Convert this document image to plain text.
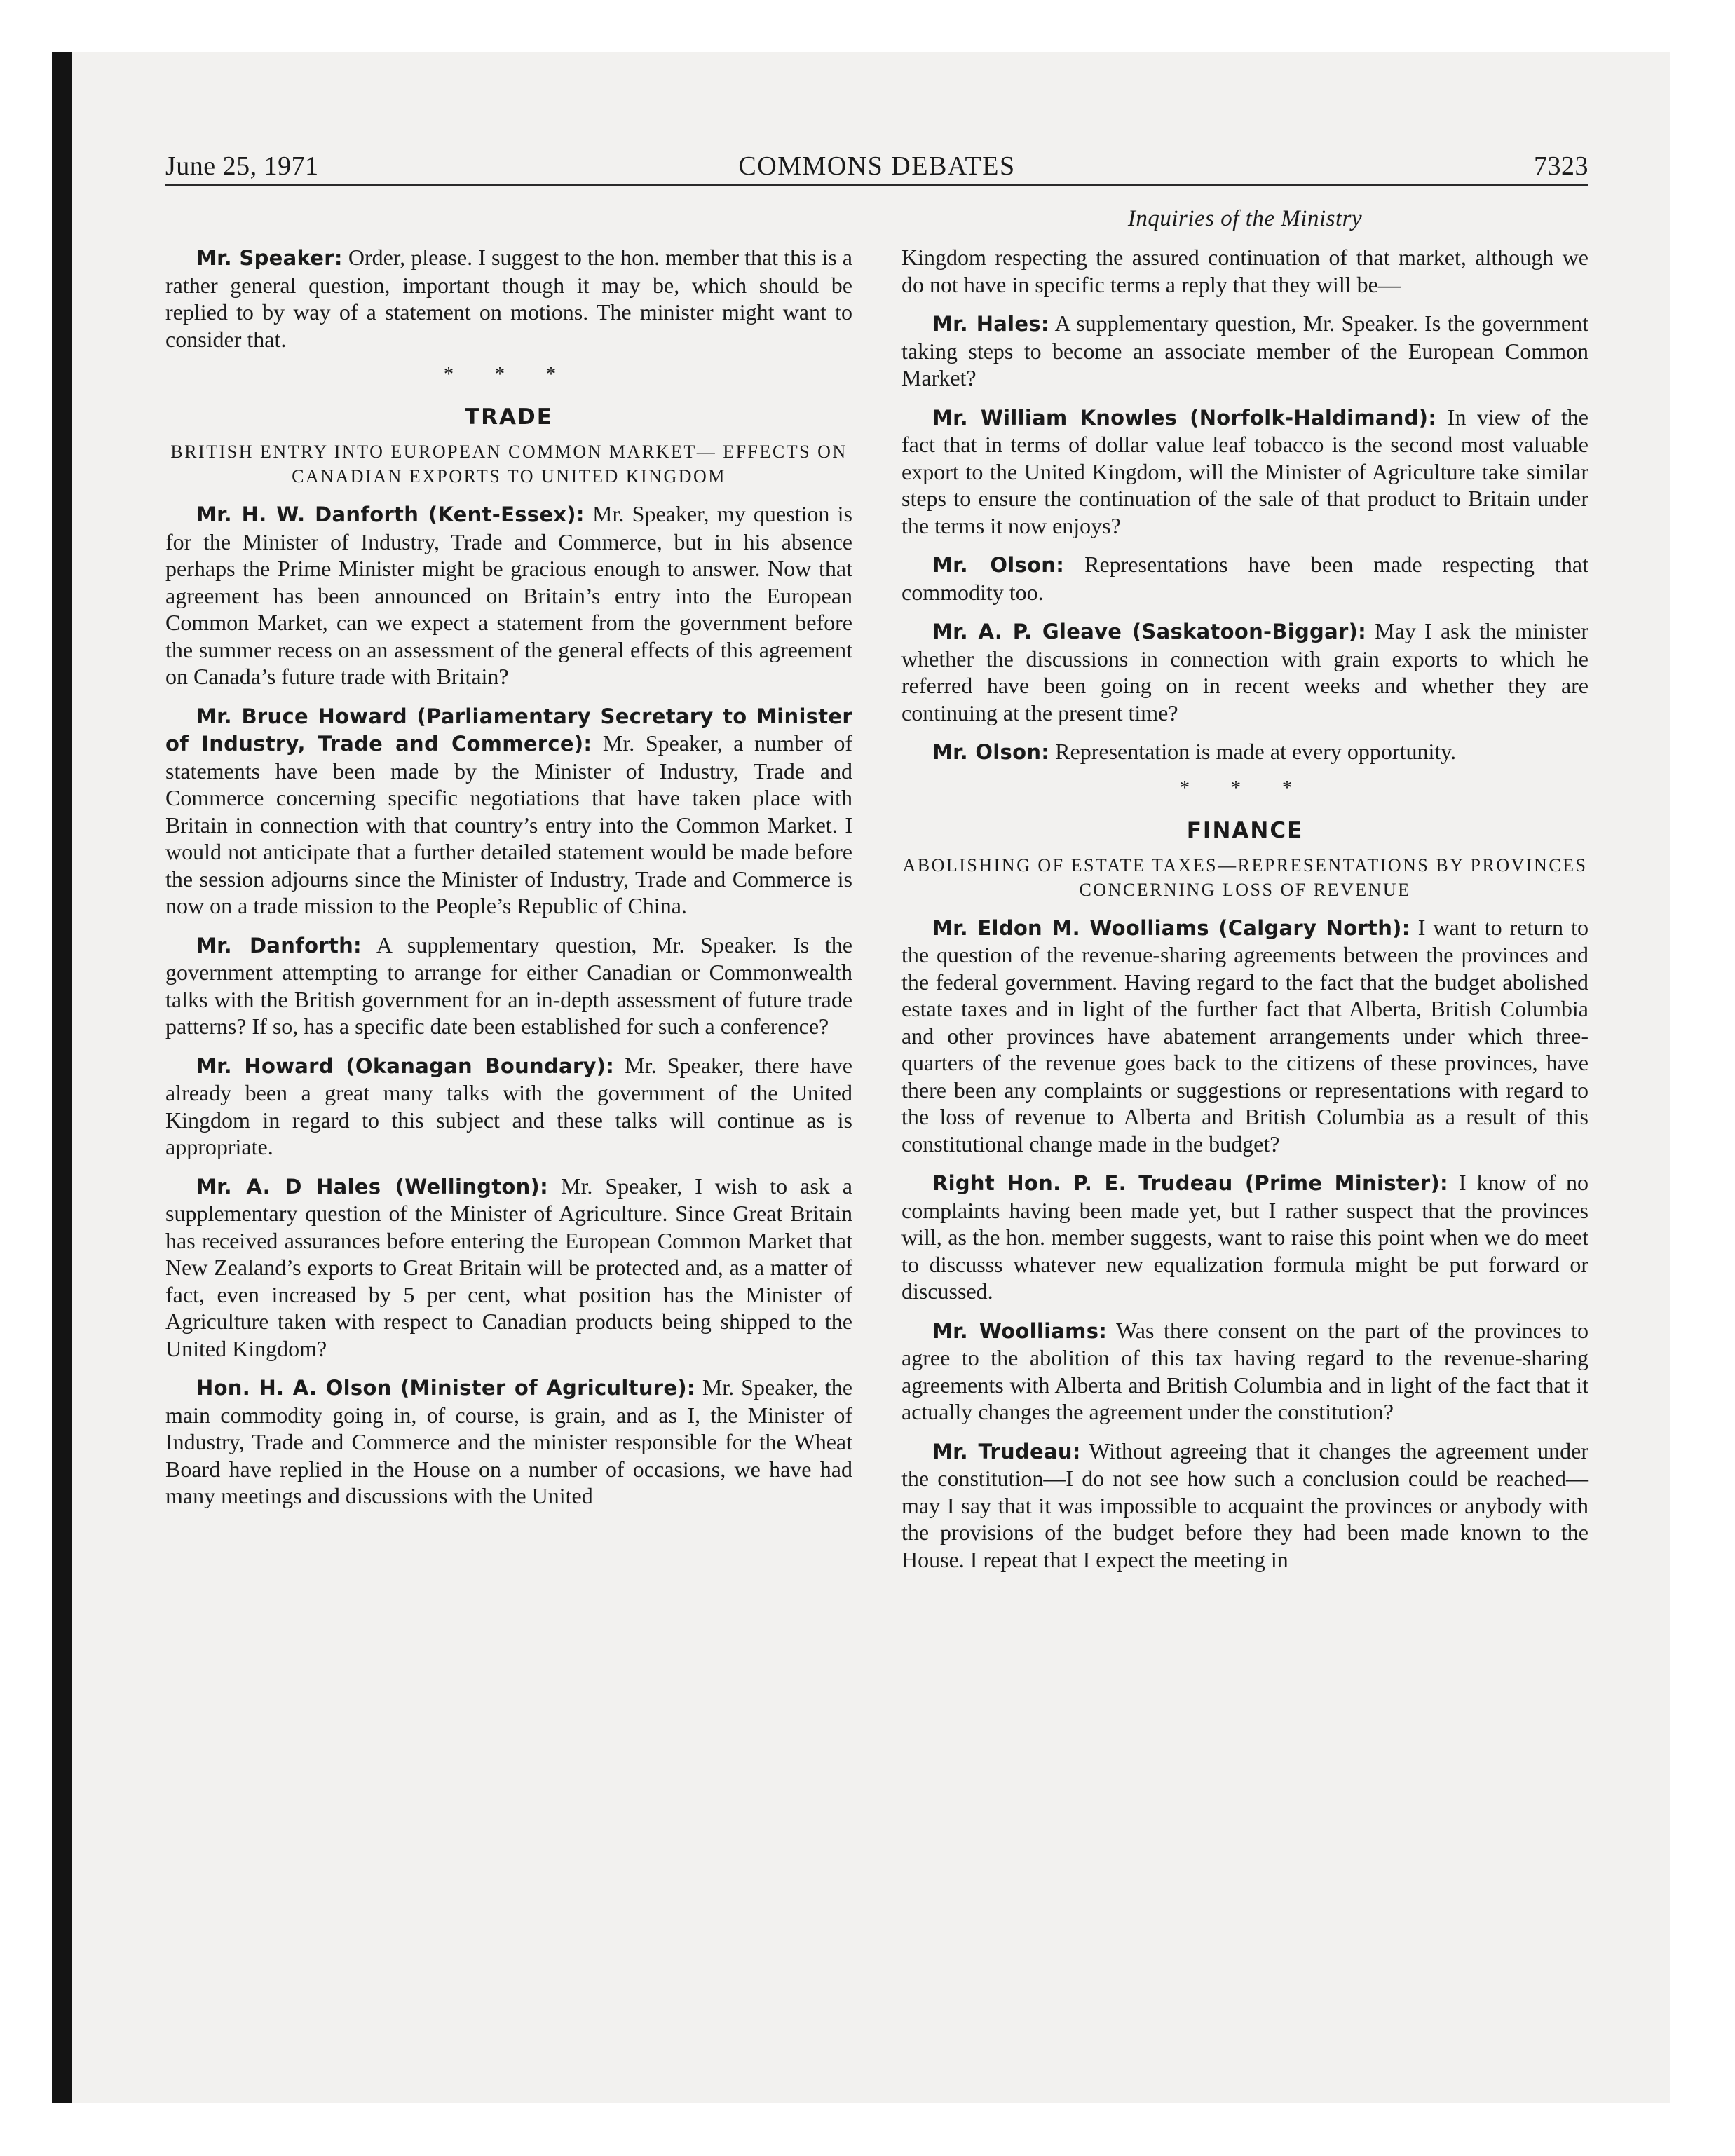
June 25, 1971	COMMONS DEBATES	7323
Inquiries of the Ministry

Mr. Speaker: Order, please. I suggest to the hon. member that this is a rather general question, important though it may be, which should be replied to by way of a statement on motions. The minister might want to consider that.

* * *
TRADE
BRITISH ENTRY INTO EUROPEAN COMMON MARKET— EFFECTS ON CANADIAN EXPORTS TO UNITED KINGDOM

Mr. H. W. Danforth (Kent-Essex): Mr. Speaker, my question is for the Minister of Industry, Trade and Commerce, but in his absence perhaps the Prime Minister might be gracious enough to answer. Now that agreement has been announced on Britain’s entry into the European Common Market, can we expect a statement from the government before the summer recess on an assessment of the general effects of this agreement on Canada’s future trade with Britain?

Mr. Bruce Howard (Parliamentary Secretary to Minister of Industry, Trade and Commerce): Mr. Speaker, a number of statements have been made by the Minister of Industry, Trade and Commerce concerning specific negotiations that have taken place with Britain in connection with that country’s entry into the Common Market. I would not anticipate that a further detailed statement would be made before the session adjourns since the Minister of Industry, Trade and Commerce is now on a trade mission to the People’s Republic of China.

Mr. Danforth: A supplementary question, Mr. Speaker. Is the government attempting to arrange for either Canadian or Commonwealth talks with the British government for an in-depth assessment of future trade patterns? If so, has a specific date been established for such a conference?

Mr. Howard (Okanagan Boundary): Mr. Speaker, there have already been a great many talks with the government of the United Kingdom in regard to this subject and these talks will continue as is appropriate.

Mr. A. D Hales (Wellington): Mr. Speaker, I wish to ask a supplementary question of the Minister of Agriculture. Since Great Britain has received assurances before entering the European Common Market that New Zealand’s exports to Great Britain will be protected and, as a matter of fact, even increased by 5 per cent, what position has the Minister of Agriculture taken with respect to Canadian products being shipped to the United Kingdom?

Hon. H. A. Olson (Minister of Agriculture): Mr. Speaker, the main commodity going in, of course, is grain, and as I, the Minister of Industry, Trade and Commerce and the minister responsible for the Wheat Board have replied in the House on a number of occasions, we have had many meetings and discussions with the United

Kingdom respecting the assured continuation of that market, although we do not have in specific terms a reply that they will be—

Mr. Hales: A supplementary question, Mr. Speaker. Is the government taking steps to become an associate member of the European Common Market?

Mr. William Knowles (Norfolk-Haldimand): In view of the fact that in terms of dollar value leaf tobacco is the second most valuable export to the United Kingdom, will the Minister of Agriculture take similar steps to ensure the continuation of the sale of that product to Britain under the terms it now enjoys?

Mr. Olson: Representations have been made respecting that commodity too.

Mr. A. P. Gleave (Saskatoon-Biggar): May I ask the minister whether the discussions in connection with grain exports to which he referred have been going on in recent weeks and whether they are continuing at the present time?

Mr. Olson: Representation is made at every opportunity.

* * *
FINANCE
ABOLISHING OF ESTATE TAXES—REPRESENTATIONS BY PROVINCES CONCERNING LOSS OF REVENUE

Mr. Eldon M. Woolliams (Calgary North): I want to return to the question of the revenue-sharing agreements between the provinces and the federal government. Having regard to the fact that the budget abolished estate taxes and in light of the further fact that Alberta, British Columbia and other provinces have abatement arrangements under which three-quarters of the revenue goes back to the citizens of these provinces, have there been any complaints or suggestions or representations with regard to the loss of revenue to Alberta and British Columbia as a result of this constitutional change made in the budget?

Right Hon. P. E. Trudeau (Prime Minister): I know of no complaints having been made yet, but I rather suspect that the provinces will, as the hon. member suggests, want to raise this point when we do meet to discusss whatever new equalization formula might be put forward or discussed.

Mr. Woolliams: Was there consent on the part of the provinces to agree to the abolition of this tax having regard to the revenue-sharing agreements with Alberta and British Columbia and in light of the fact that it actually changes the agreement under the constitution?

Mr. Trudeau: Without agreeing that it changes the agreement under the constitution—I do not see how such a conclusion could be reached—may I say that it was impossible to acquaint the provinces or anybody with the provisions of the budget before they had been made known to the House. I repeat that I expect the meeting in
